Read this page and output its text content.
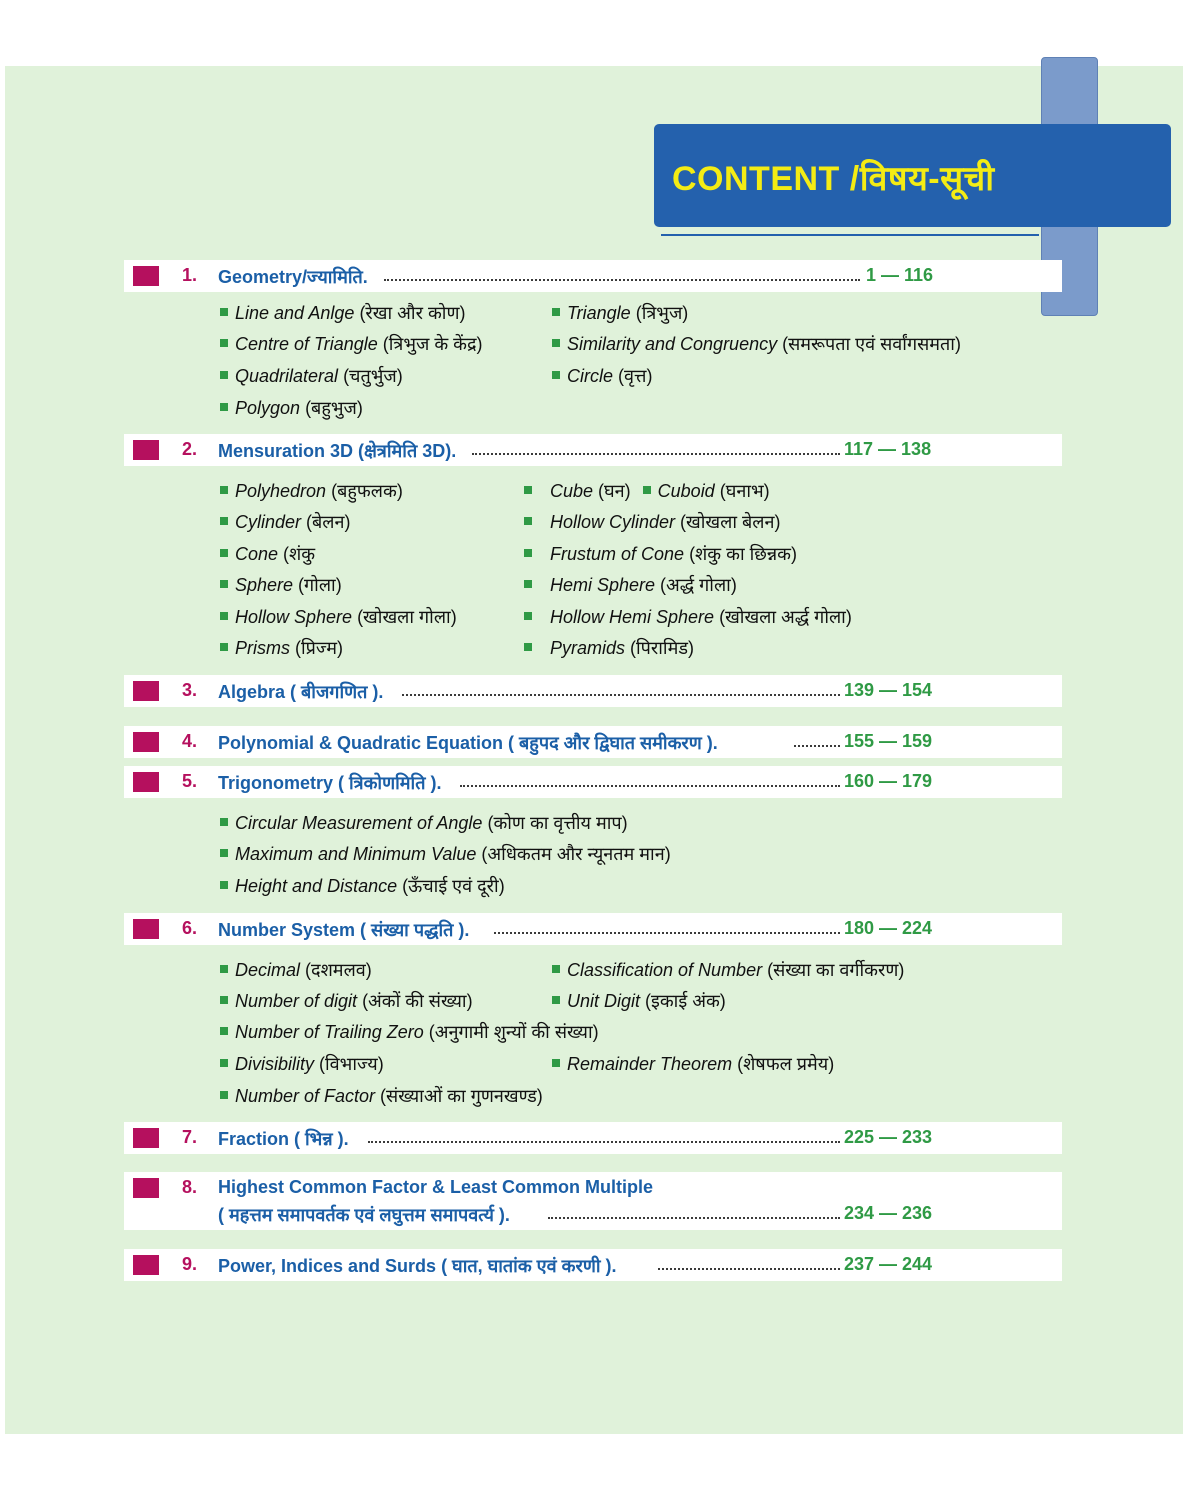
CONTENT /विषय-सूची
1. Geometry/ज्यामिति.	1 — 116
Line and Anlge (रेखा और कोण)	Triangle (त्रिभुज)
Centre of Triangle (त्रिभुज के केंद्र)	Similarity and Congruency (समरूपता एवं सर्वांगसमता)
Quadrilateral (चतुर्भुज)	Circle (वृत्त)
Polygon (बहुभुज)
2. Mensuration 3D (क्षेत्रमिति 3D).	117 — 138
Polyhedron (बहुफलक)	Cube (घन) Cuboid (घनाभ)
Cylinder (बेलन)	Hollow Cylinder (खोखला बेलन)
Cone (शंकु	Frustum of Cone (शंकु का छिन्नक)
Sphere (गोला)	Hemi Sphere (अर्द्ध गोला)
Hollow Sphere (खोखला गोला)	Hollow Hemi Sphere (खोखला अर्द्ध गोला)
Prisms (प्रिज्म)	Pyramids (पिरामिड)
3. Algebra ( बीजगणित ).	139 — 154
4. Polynomial & Quadratic Equation ( बहुपद और द्विघात समीकरण ).	155 — 159
5. Trigonometry ( त्रिकोणमिति ).	160 — 179
Circular Measurement of Angle (कोण का वृत्तीय माप)
Maximum and Minimum Value (अधिकतम और न्यूनतम मान)
Height and Distance (ऊँचाई एवं दूरी)
6. Number System ( संख्या पद्धति ).	180 — 224
Decimal (दशमलव)	Classification of Number (संख्या का वर्गीकरण)
Number of digit (अंकों की संख्या)	Unit Digit (इकाई अंक)
Number of Trailing Zero (अनुगामी शुन्यों की संख्या)
Divisibility (विभाज्य)	Remainder Theorem (शेषफल प्रमेय)
Number of Factor (संख्याओं का गुणनखण्ड)
7. Fraction ( भिन्न ).	225 — 233
8. Highest Common Factor & Least Common Multiple
( महत्तम समापवर्तक एवं लघुत्तम समापवर्त्य ).	234 — 236
9. Power, Indices and Surds ( घात, घातांक एवं करणी ).	237 — 244
